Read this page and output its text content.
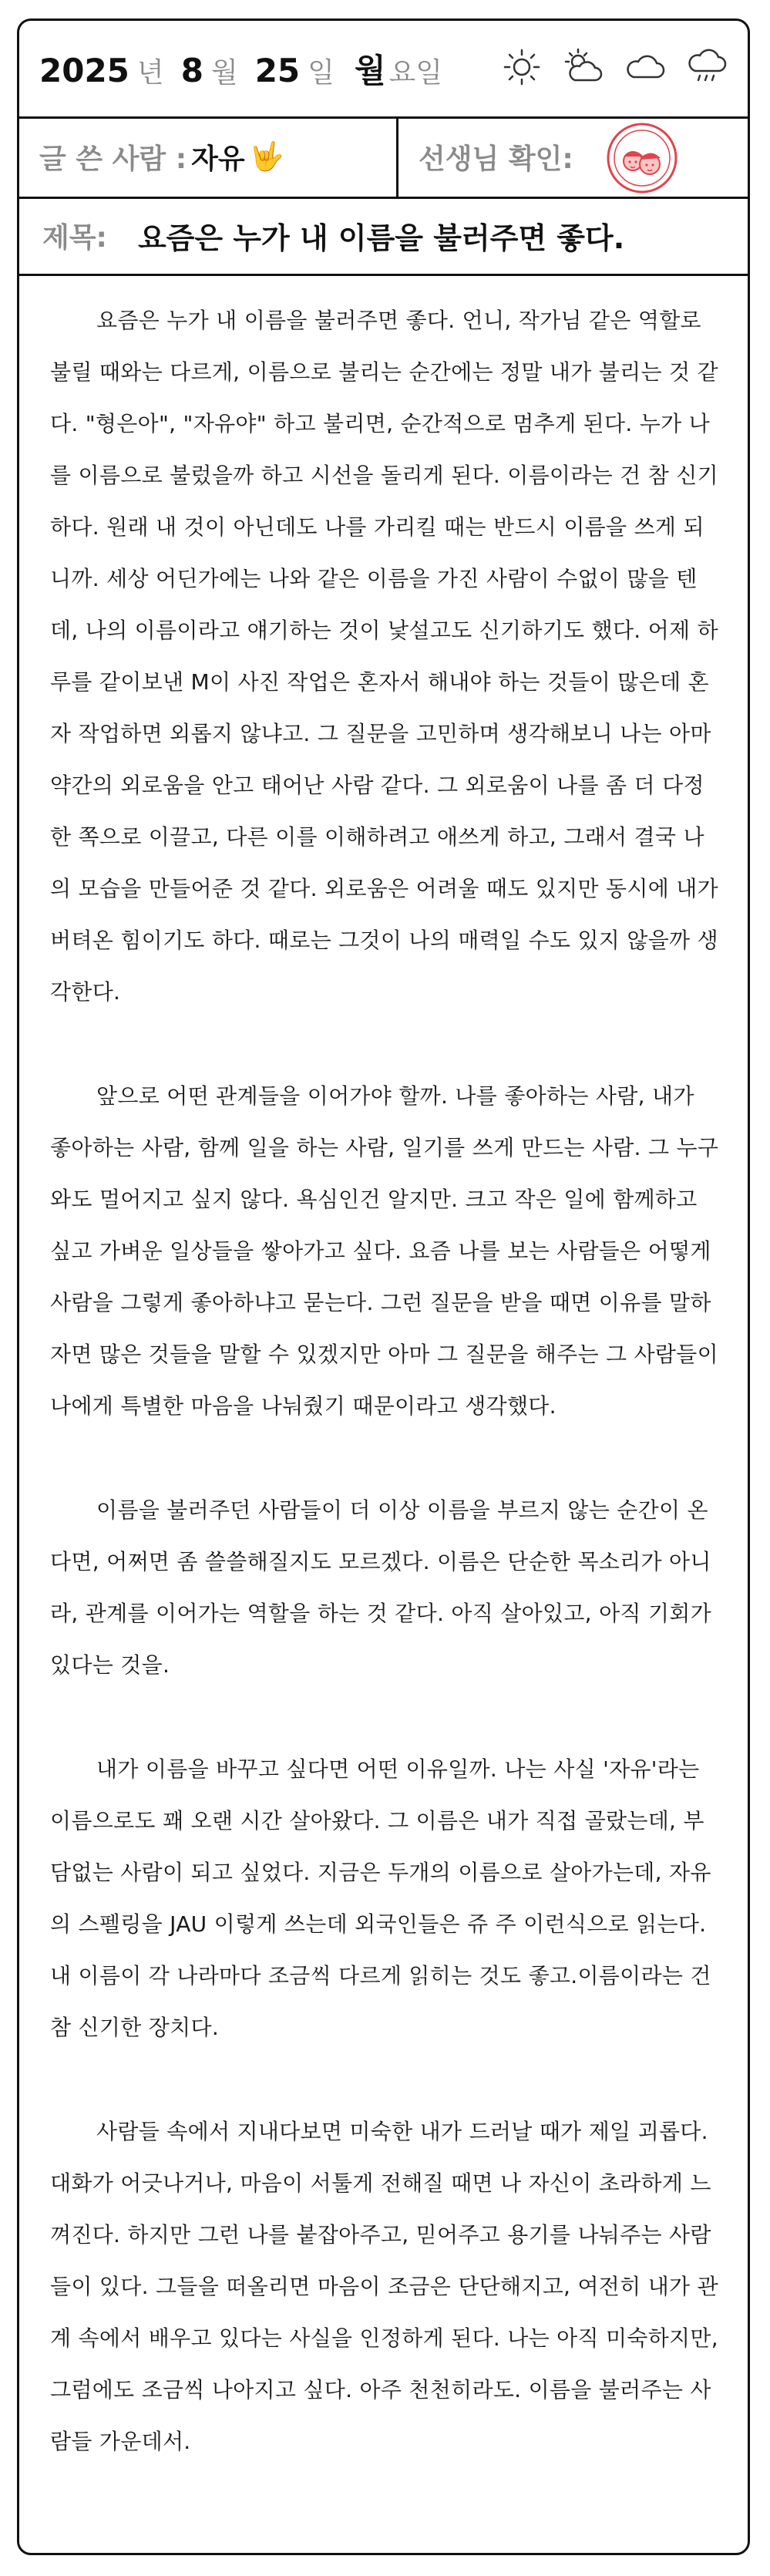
2025 년 8 월 25 일 월 요일
글 쓴 사람 : 자유 🤟	선생님 확인:
제목: 요즘은 누가 내 이름을 불러주면 좋다.

요즘은 누가 내 이름을 불러주면 좋다. 언니, 작가님 같은 역할로 불릴 때와는 다르게, 이름으로 불리는 순간에는 정말 내가 불리는 것 같다. "형은아", "자유야" 하고 불리면, 순간적으로 멈추게 된다. 누가 나를 이름으로 불렀을까 하고 시선을 돌리게 된다. 이름이라는 건 참 신기하다. 원래 내 것이 아닌데도 나를 가리킬 때는 반드시 이름을 쓰게 되니까. 세상 어딘가에는 나와 같은 이름을 가진 사람이 수없이 많을 텐데, 나의 이름이라고 얘기하는 것이 낯설고도 신기하기도 했다. 어제 하루를 같이보낸 M이 사진 작업은 혼자서 해내야 하는 것들이 많은데 혼자 작업하면 외롭지 않냐고. 그 질문을 고민하며 생각해보니 나는 아마 약간의 외로움을 안고 태어난 사람 같다. 그 외로움이 나를 좀 더 다정한 쪽으로 이끌고, 다른 이를 이해하려고 애쓰게 하고, 그래서 결국 나의 모습을 만들어준 것 같다. 외로움은 어려울 때도 있지만 동시에 내가 버텨온 힘이기도 하다. 때로는 그것이 나의 매력일 수도 있지 않을까 생각한다.

앞으로 어떤 관계들을 이어가야 할까. 나를 좋아하는 사람, 내가 좋아하는 사람, 함께 일을 하는 사람, 일기를 쓰게 만드는 사람. 그 누구와도 멀어지고 싶지 않다. 욕심인건 알지만. 크고 작은 일에 함께하고 싶고 가벼운 일상들을 쌓아가고 싶다. 요즘 나를 보는 사람들은 어떻게 사람을 그렇게 좋아하냐고 묻는다. 그런 질문을 받을 때면 이유를 말하자면 많은 것들을 말할 수 있겠지만 아마 그 질문을 해주는 그 사람들이 나에게 특별한 마음을 나눠줬기 때문이라고 생각했다.

이름을 불러주던 사람들이 더 이상 이름을 부르지 않는 순간이 온다면, 어쩌면 좀 쓸쓸해질지도 모르겠다. 이름은 단순한 목소리가 아니라, 관계를 이어가는 역할을 하는 것 같다. 아직 살아있고, 아직 기회가 있다는 것을.

내가 이름을 바꾸고 싶다면 어떤 이유일까. 나는 사실 '자유'라는 이름으로도 꽤 오랜 시간 살아왔다. 그 이름은 내가 직접 골랐는데, 부담없는 사람이 되고 싶었다. 지금은 두개의 이름으로 살아가는데, 자유의 스펠링을 JAU 이렇게 쓰는데 외국인들은 쥬 주 이런식으로 읽는다. 내 이름이 각 나라마다 조금씩 다르게 읽히는 것도 좋고.이름이라는 건 참 신기한 장치다.

사람들 속에서 지내다보면 미숙한 내가 드러날 때가 제일 괴롭다. 대화가 어긋나거나, 마음이 서툴게 전해질 때면 나 자신이 초라하게 느껴진다. 하지만 그런 나를 붙잡아주고, 믿어주고 용기를 나눠주는 사람들이 있다. 그들을 떠올리면 마음이 조금은 단단해지고, 여전히 내가 관계 속에서 배우고 있다는 사실을 인정하게 된다. 나는 아직 미숙하지만, 그럼에도 조금씩 나아지고 싶다. 아주 천천히라도. 이름을 불러주는 사람들 가운데서.
